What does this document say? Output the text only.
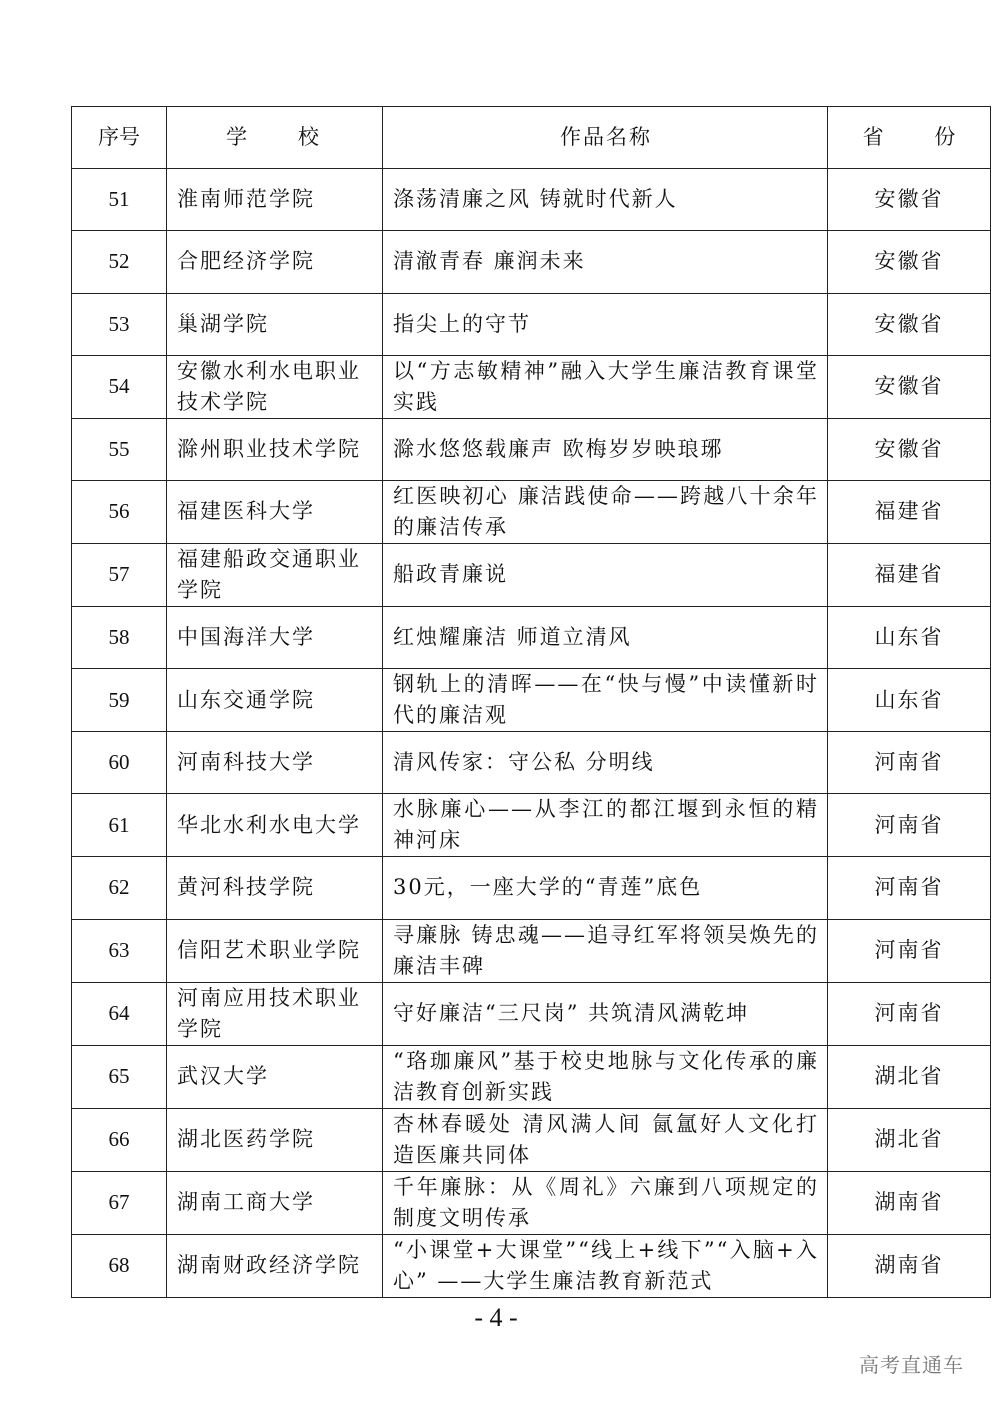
序号	学 校	作品名称	省 份
51	淮南师范学院	涤荡清廉之风 铸就时代新人	安徽省
52	合肥经济学院	清澈青春 廉润未来	安徽省
53	巢湖学院	指尖上的守节	安徽省
54	安徽水利水电职业技术学院	以“方志敏精神”融入大学生廉洁教育课堂实践	安徽省
55	滁州职业技术学院	滁水悠悠载廉声 欧梅岁岁映琅琊	安徽省
56	福建医科大学	红医映初心 廉洁践使命——跨越八十余年的廉洁传承	福建省
57	福建船政交通职业学院	船政青廉说	福建省
58	中国海洋大学	红烛耀廉洁 师道立清风	山东省
59	山东交通学院	钢轨上的清晖——在“快与慢”中读懂新时代的廉洁观	山东省
60	河南科技大学	清风传家：守公私 分明线	河南省
61	华北水利水电大学	水脉廉心——从李江的都江堰到永恒的精神河床	河南省
62	黄河科技学院	30元，一座大学的“青莲”底色	河南省
63	信阳艺术职业学院	寻廉脉 铸忠魂——追寻红军将领吴焕先的廉洁丰碑	河南省
64	河南应用技术职业学院	守好廉洁“三尺岗” 共筑清风满乾坤	河南省
65	武汉大学	“珞珈廉风”基于校史地脉与文化传承的廉洁教育创新实践	湖北省
66	湖北医药学院	杏林春暖处 清风满人间 氤氲好人文化打造医廉共同体	湖北省
67	湖南工商大学	千年廉脉：从《周礼》六廉到八项规定的制度文明传承	湖南省
68	湖南财政经济学院	“小课堂+大课堂”“线上+线下”“入脑+入心” ——大学生廉洁教育新范式	湖南省
- 4 -
高考直通车
